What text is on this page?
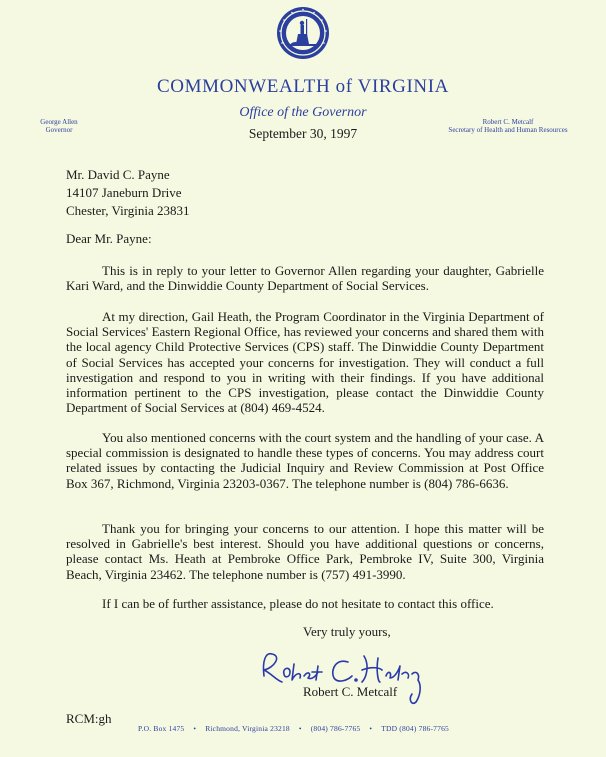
COMMONWEALTH of VIRGINIA
Office of the Governor
September 30, 1997
George Allen
Governor
Robert C. Metcalf
Secretary of Health and Human Resources
Mr. David C. Payne
14107 Janeburn Drive
Chester, Virginia 23831
Dear Mr. Payne:
This is in reply to your letter to Governor Allen regarding your daughter, Gabrielle Kari Ward, and the Dinwiddie County Department of Social Services.
At my direction, Gail Heath, the Program Coordinator in the Virginia Department of Social Services' Eastern Regional Office, has reviewed your concerns and shared them with the local agency Child Protective Services (CPS) staff. The Dinwiddie County Department of Social Services has accepted your concerns for investigation. They will conduct a full investigation and respond to you in writing with their findings. If you have additional information pertinent to the CPS investigation, please contact the Dinwiddie County Department of Social Services at (804) 469-4524.
You also mentioned concerns with the court system and the handling of your case. A special commission is designated to handle these types of concerns. You may address court related issues by contacting the Judicial Inquiry and Review Commission at Post Office Box 367, Richmond, Virginia 23203-0367. The telephone number is (804) 786-6636.
Thank you for bringing your concerns to our attention. I hope this matter will be resolved in Gabrielle's best interest. Should you have additional questions or concerns, please contact Ms. Heath at Pembroke Office Park, Pembroke IV, Suite 300, Virginia Beach, Virginia 23462. The telephone number is (757) 491-3990.
If I can be of further assistance, please do not hesitate to contact this office.
Very truly yours,
Robert C. Metcalf
RCM:gh
P.O. Box 1475 • Richmond, Virginia 23218 • (804) 786-7765 • TDD (804) 786-7765
